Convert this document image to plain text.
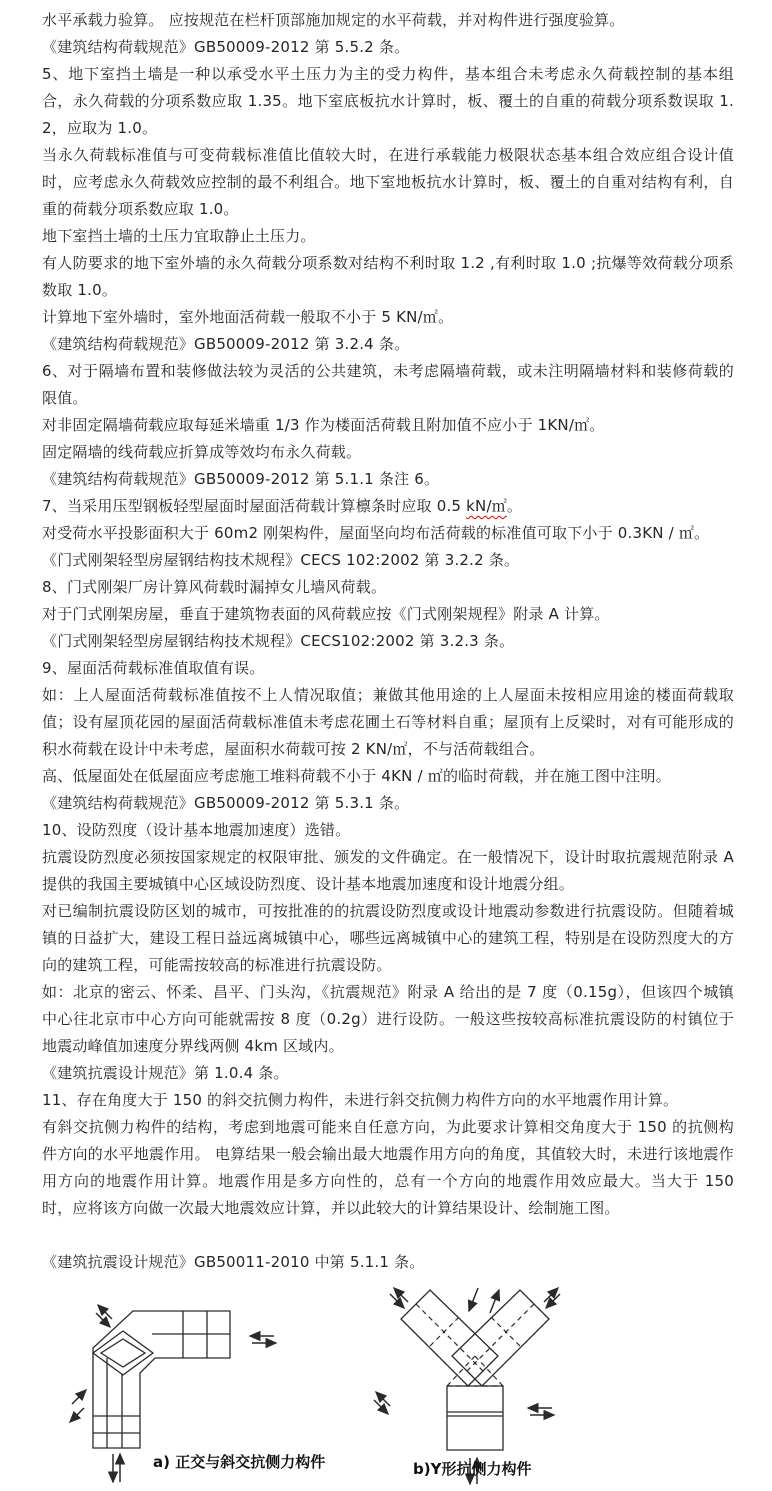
水平承载力验算。 应按规范在栏杆顶部施加规定的水平荷载，并对构件进行强度验算。

《建筑结构荷载规范》GB50009-2012 第 5.5.2 条。

5、地下室挡土墙是一种以承受水平土压力为主的受力构件，基本组合未考虑永久荷载控制的基本组合，永久荷载的分项系数应取 1.35。地下室底板抗水计算时，板、覆土的自重的荷载分项系数误取 1.2，应取为 1.0。

当永久荷载标准值与可变荷载标准值比值较大时，在进行承载能力极限状态基本组合效应组合设计值时，应考虑永久荷载效应控制的最不利组合。地下室地板抗水计算时，板、覆土的自重对结构有利，自重的荷载分项系数应取 1.0。

地下室挡土墙的土压力宜取静止土压力。

有人防要求的地下室外墙的永久荷载分项系数对结构不利时取 1.2 ,有利时取 1.0 ;抗爆等效荷载分项系数取 1.0。

计算地下室外墙时，室外地面活荷载一般取不小于 5 KN/㎡。

《建筑结构荷载规范》GB50009-2012 第 3.2.4 条。

6、对于隔墙布置和装修做法较为灵活的公共建筑，未考虑隔墙荷载，或未注明隔墙材料和装修荷载的限值。

对非固定隔墙荷载应取每延米墙重 1/3 作为楼面活荷载且附加值不应小于 1KN/㎡。

固定隔墙的线荷载应折算成等效均布永久荷载。

《建筑结构荷载规范》GB50009-2012 第 5.1.1 条注 6。

7、当采用压型钢板轻型屋面时屋面活荷载计算檩条时应取 0.5 kN/㎡。

对受荷水平投影面积大于 60m2 刚架构件，屋面坚向均布活荷载的标准值可取下小于 0.3KN / ㎡。

《门式刚架轻型房屋钢结构技术规程》CECS 102:2002 第 3.2.2 条。

8、门式刚架厂房计算风荷载时漏掉女儿墙风荷载。

对于门式刚架房屋，垂直于建筑物表面的风荷载应按《门式刚架规程》附录 A 计算。

《门式刚架轻型房屋钢结构技术规程》CECS102:2002 第 3.2.3 条。

9、屋面活荷载标准值取值有误。

如：上人屋面活荷载标准值按不上人情况取值；兼做其他用途的上人屋面未按相应用途的楼面荷载取值；设有屋顶花园的屋面活荷载标准值未考虑花圃土石等材料自重；屋顶有上反梁时，对有可能形成的积水荷载在设计中未考虑，屋面积水荷载可按 2 KN/㎡，不与活荷载组合。

高、低屋面处在低屋面应考虑施工堆料荷载不小于 4KN / ㎡的临时荷载，并在施工图中注明。

《建筑结构荷载规范》GB50009-2012 第 5.3.1 条。

10、设防烈度（设计基本地震加速度）选错。

抗震设防烈度必须按国家规定的权限审批、颁发的文件确定。在一般情况下，设计时取抗震规范附录 A 提供的我国主要城镇中心区域设防烈度、设计基本地震加速度和设计地震分组。

对已编制抗震设防区划的城市，可按批准的的抗震设防烈度或设计地震动参数进行抗震设防。但随着城镇的日益扩大，建设工程日益远离城镇中心，哪些远离城镇中心的建筑工程，特别是在设防烈度大的方向的建筑工程，可能需按较高的标准进行抗震设防。

如：北京的密云、怀柔、昌平、门头沟，《抗震规范》附录 A 给出的是 7 度（0.15g），但该四个城镇中心往北京市中心方向可能就需按 8 度（0.2g）进行设防。一般这些按较高标准抗震设防的村镇位于地震动峰值加速度分界线两侧 4km 区域内。

《建筑抗震设计规范》第 1.0.4 条。

11、存在角度大于 150 的斜交抗侧力构件，未进行斜交抗侧力构件方向的水平地震作用计算。

有斜交抗侧力构件的结构，考虑到地震可能来自任意方向，为此要求计算相交角度大于 150 的抗侧构件方向的水平地震作用。 电算结果一般会输出最大地震作用方向的角度，其值较大时，未进行该地震作用方向的地震作用计算。地震作用是多方向性的，总有一个方向的地震作用效应最大。当大于 150 时，应将该方向做一次最大地震效应计算，并以此较大的计算结果设计、绘制施工图。

《建筑抗震设计规范》GB50011-2010 中第 5.1.1 条。

a) 正交与斜交抗侧力构件	b)Y形抗侧力构件
